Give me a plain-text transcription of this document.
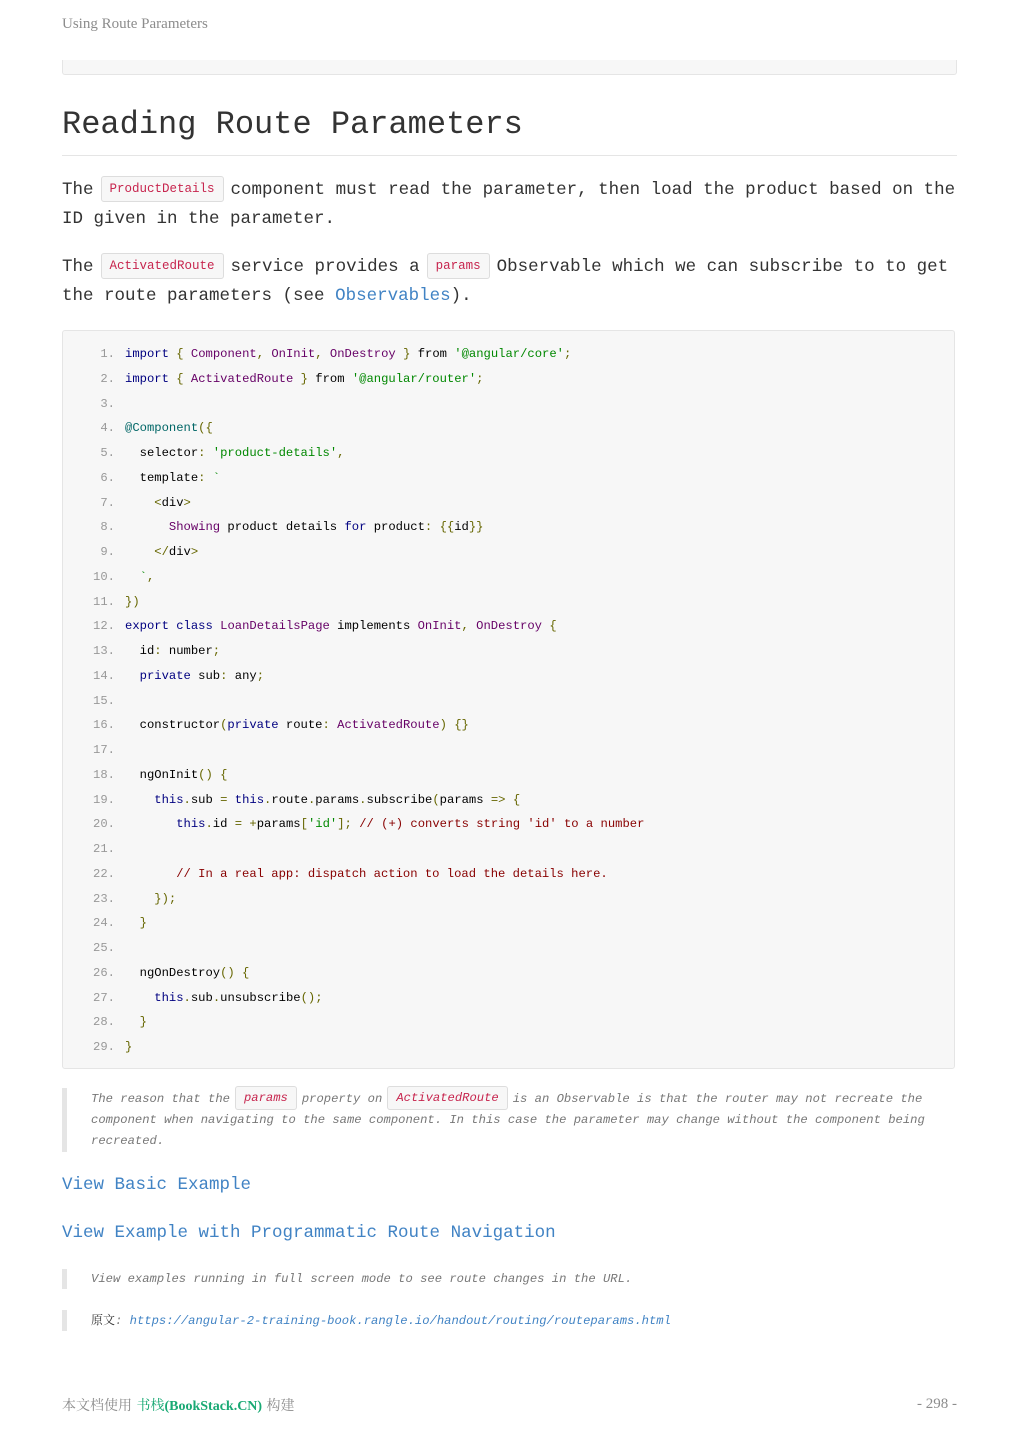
Using Route Parameters
Reading Route Parameters

The ProductDetails component must read the parameter, then load the product based on the ID given in the parameter.

The ActivatedRoute service provides a params Observable which we can subscribe to to get the route parameters (see Observables).

1. import { Component, OnInit, OnDestroy } from '@angular/core';
2. import { ActivatedRoute } from '@angular/router';
3.
4. @Component({
5.  selector: 'product-details',
6.  template: `
7.	<div>
8.	Showing product details for product: {{id}}
9.	</div>
10. `,
11. })
12. export class LoanDetailsPage implements OnInit, OnDestroy {
13.  id: number;
14. private sub: any;
15.
16.  constructor(private route: ActivatedRoute) {}
17.
18.  ngOnInit() {
19.	this.sub = this.route.params.subscribe(params => {
20.	this.id = +params['id']; // (+) converts string 'id' to a number
21.
22.	// In a real app: dispatch action to load the details here.
23.	});
24. }
25.
26.  ngOnDestroy() {
27.	this.sub.unsubscribe();
28. }
29. }
The reason that the params property on ActivatedRoute is an Observable is that the router may not recreate the component when navigating to the same component. In this case the parameter may change without the component being recreated.
View Basic Example
View Example with Programmatic Route Navigation
View examples running in full screen mode to see route changes in the URL.
原文: https://angular-2-training-book.rangle.io/handout/routing/routeparams.html
本文档使用 书栈(BookStack.CN) 构建	- 298 -
